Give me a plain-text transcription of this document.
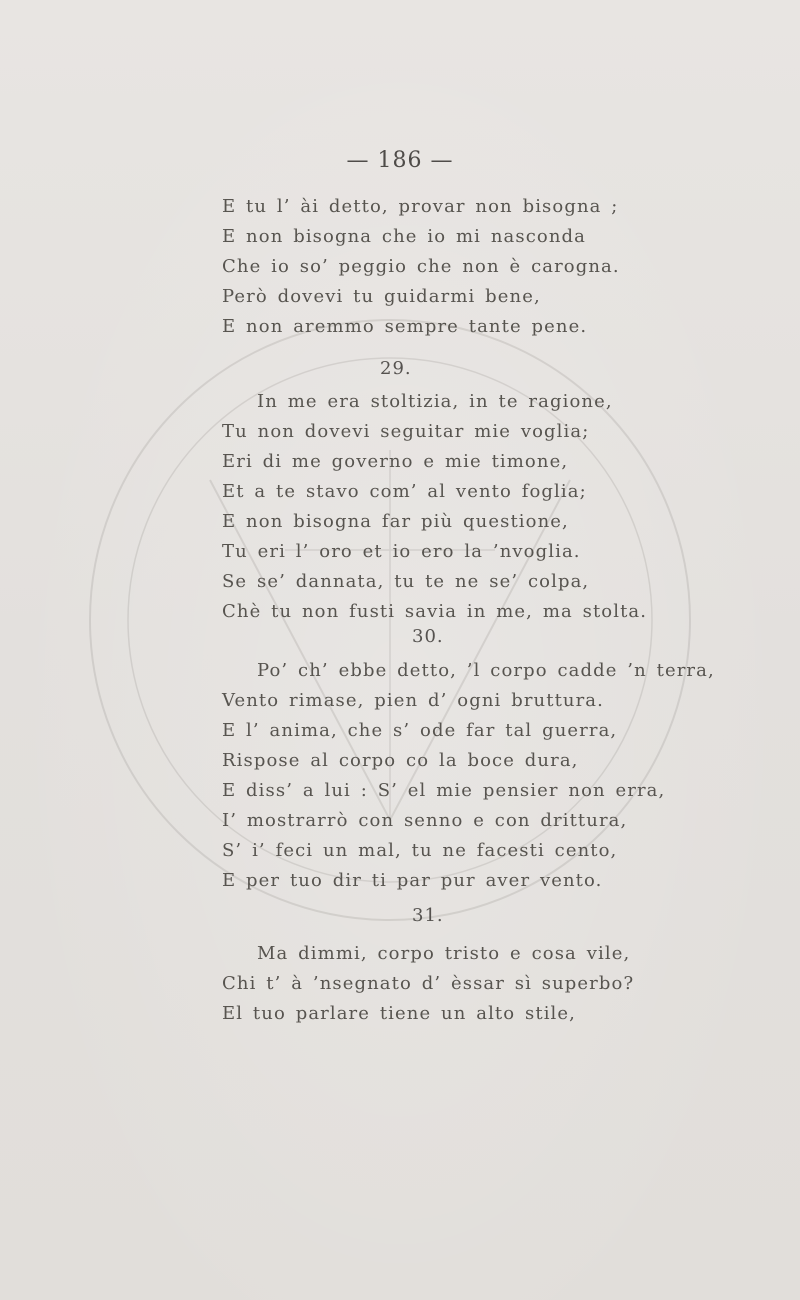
— 186 —
E tu l’ ài detto, provar non bisogna ;
E non bisogna che io mi nasconda
Che io so’ peggio che non è carogna.
Però dovevi tu guidarmi bene,
E non aremmo sempre tante pene.
29.
In me era stoltizia, in te ragione,
Tu non dovevi seguitar mie voglia;
Eri di me governo e mie timone,
Et a te stavo com’ al vento foglia;
E non bisogna far più questione,
Tu eri l’ oro et io ero la ’nvoglia.
Se se’ dannata, tu te ne se’ colpa,
Chè tu non fusti savia in me, ma stolta.
30.
Po’ ch’ ebbe detto, ’l corpo cadde ’n terra,
Vento rimase, pien d’ ogni bruttura.
E l’ anima, che s’ ode far tal guerra,
Rispose al corpo co la boce dura,
E diss’ a lui : S’ el mie pensier non erra,
I’ mostrarrò con senno e con drittura,
S’ i’ feci un mal, tu ne facesti cento,
E per tuo dir ti par pur aver vento.
31.
Ma dimmi, corpo tristo e cosa vile,
Chi t’ à ’nsegnato d’ èssar sì superbo?
El tuo parlare tiene un alto stile,
